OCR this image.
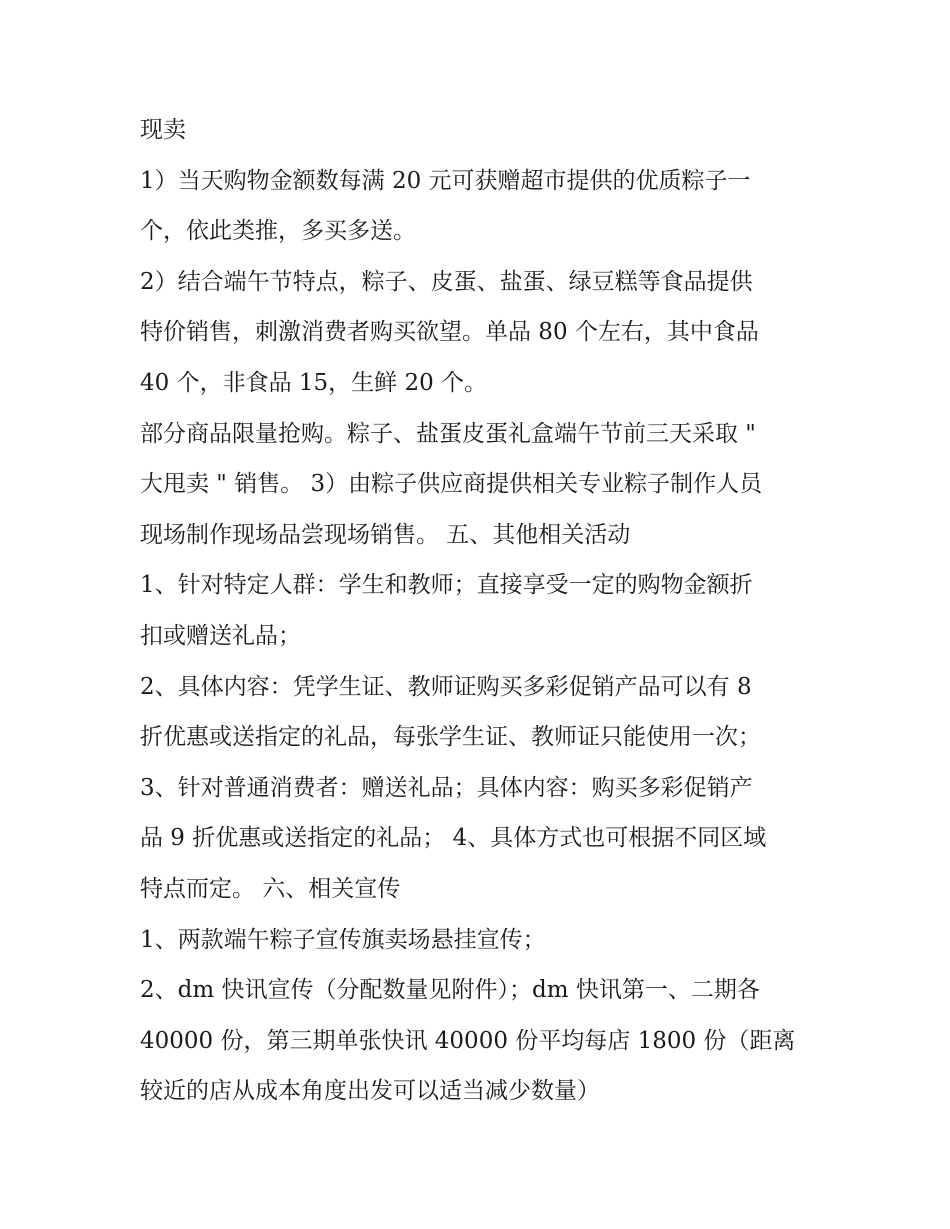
现卖
1）当天购物金额数每满 20 元可获赠超市提供的优质粽子一
个，依此类推，多买多送。
2）结合端午节特点，粽子、皮蛋、盐蛋、绿豆糕等食品提供
特价销售，刺激消费者购买欲望。单品 80 个左右，其中食品
40 个，非食品 15，生鲜 20 个。
部分商品限量抢购。粽子、盐蛋皮蛋礼盒端午节前三天采取 "
大甩卖 " 销售。 3）由粽子供应商提供相关专业粽子制作人员
现场制作现场品尝现场销售。 五、其他相关活动
1、针对特定人群：学生和教师；直接享受一定的购物金额折
扣或赠送礼品；
2、具体内容：凭学生证、教师证购买多彩促销产品可以有 8
折优惠或送指定的礼品，每张学生证、教师证只能使用一次；
3、针对普通消费者：赠送礼品；具体内容：购买多彩促销产
品 9 折优惠或送指定的礼品； 4、具体方式也可根据不同区域
特点而定。 六、相关宣传
1、两款端午粽子宣传旗卖场悬挂宣传；
2、dm 快讯宣传（分配数量见附件）；dm 快讯第一、二期各
40000 份，第三期单张快讯 40000 份平均每店 1800 份（距离
较近的店从成本角度出发可以适当减少数量）
